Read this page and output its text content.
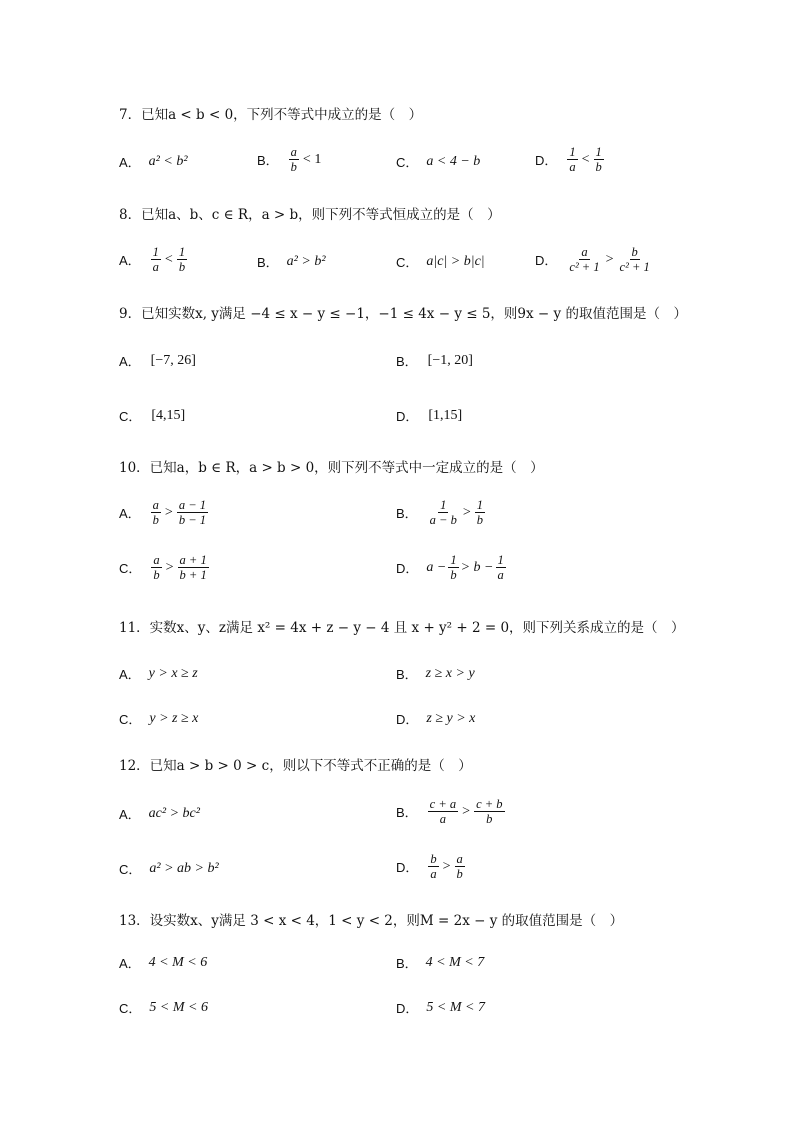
7．已知a < b < 0，下列不等式中成立的是（　）
A． a² < b²	B． $\frac{a}{b} < 1$	C． a < 4 − b	D． $\frac{1}{a} < \frac{1}{b}$
8．已知a、b、c ∈ R，a > b，则下列不等式恒成立的是（　）
A． $\frac{1}{a} < \frac{1}{b}$	B． a² > b²	C． a|c| > b|c|	D． $\frac{a}{\text{c² + 1}} > \frac{b}{\text{c² + 1}}$
9．已知实数x, y满足 −4 ≤ x − y ≤ −1，−1 ≤ 4x − y ≤ 5，则9x − y 的取值范围是（　）
A． [−7, 26]	B． [−1, 20]
C． [4,15]	D． [1,15]
10．已知a，b ∈ R，a > b > 0，则下列不等式中一定成立的是（　）
A． $\frac{a}{b} > \frac{a - 1}{b - 1}$	B． $\frac{1}{a - b} > \frac{1}{b}$
C． $\frac{a}{b} > \frac{a + 1}{b + 1}$	D． $a - \frac{1}{b} > b - \frac{1}{a}$
11．实数x、y、z满足 x² = 4x + z − y − 4 且 x + y² + 2 = 0，则下列关系成立的是（　）
A． y > x ≥ z	B． z ≥ x > y
C． y > z ≥ x	D． z ≥ y > x
12．已知a > b > 0 > c，则以下不等式不正确的是（　）
A． ac² > bc²	B． $\frac{c + a}{a} > \frac{c + b}{b}$
C． a² > ab > b²	D． $\frac{b}{a} > \frac{a}{b}$
13．设实数x、y满足 3 < x < 4，1 < y < 2，则M = 2x − y 的取值范围是（　）
A． 4 < M < 6	B． 4 < M < 7
C． 5 < M < 6	D． 5 < M < 7
